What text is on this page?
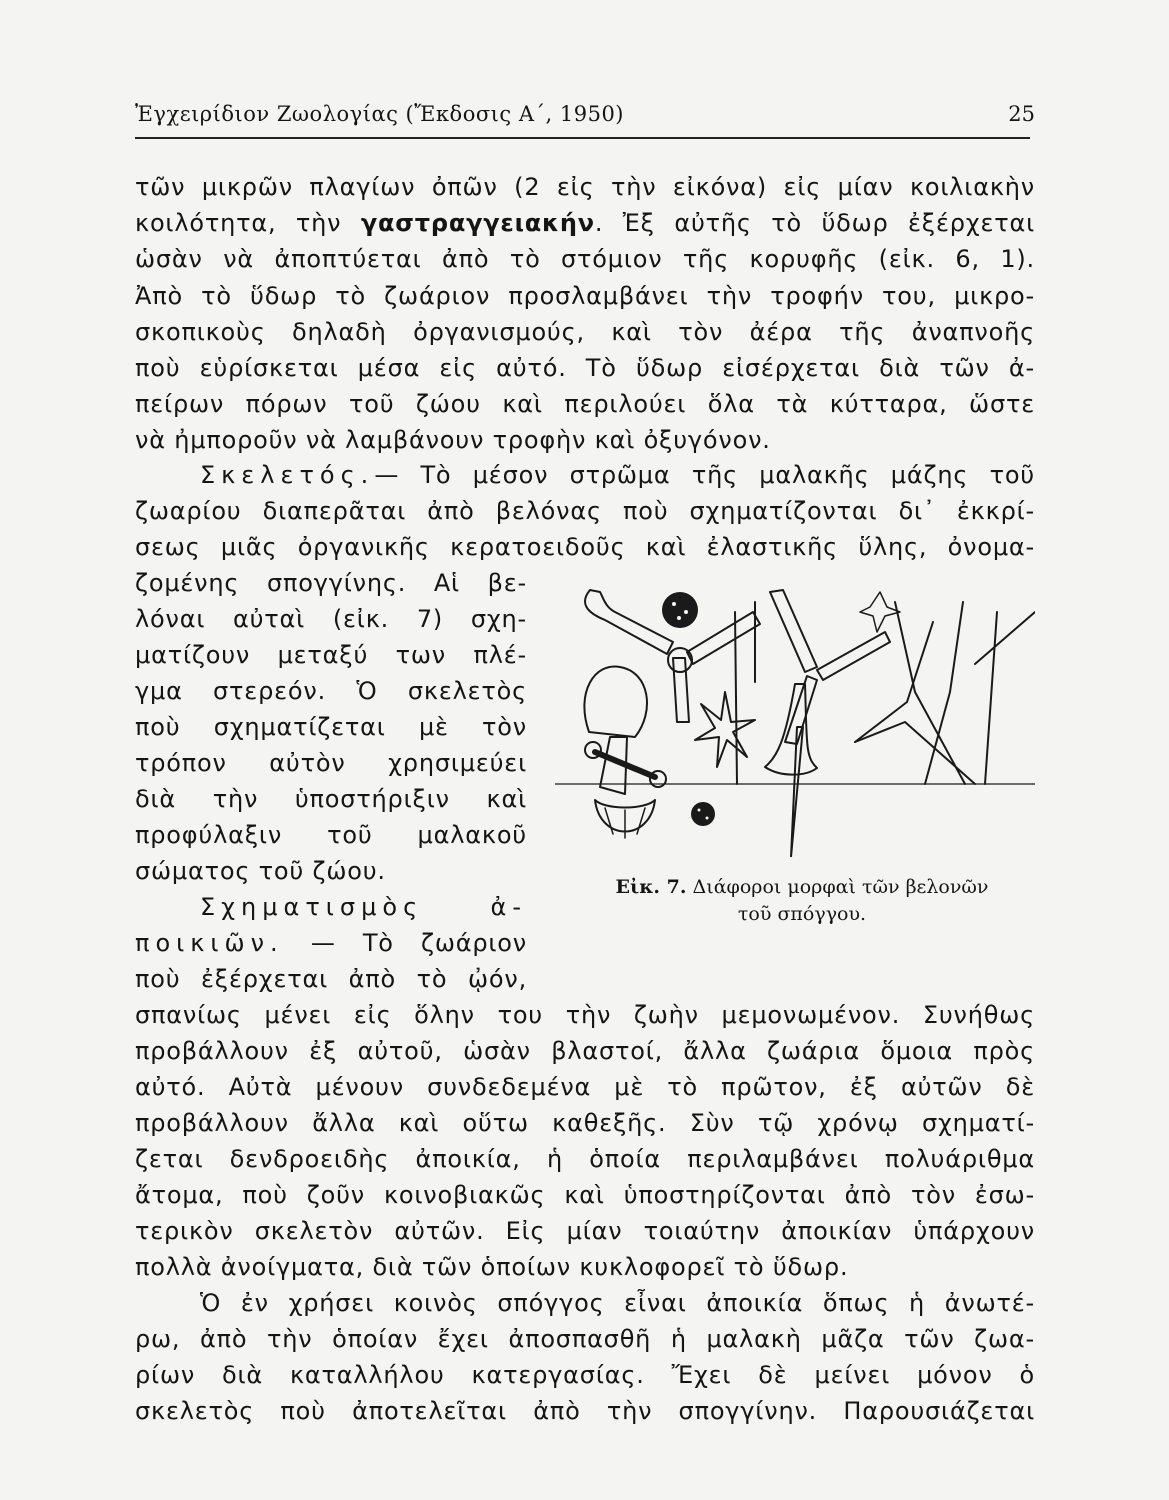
Ἐγχειρίδιον Ζωολογίας (Ἔκδοσις Α΄, 1950)	25
τῶν μικρῶν πλαγίων ὀπῶν (2 εἰς τὴν εἰκόνα) εἰς μίαν κοιλιακὴν
κοιλότητα, τὴν γαστραγγειακήν. Ἐξ αὐτῆς τὸ ὕδωρ ἐξέρχεται
ὡσὰν νὰ ἀποπτύεται ἀπὸ τὸ στόμιον τῆς κορυφῆς (εἰκ. 6, 1).
Ἀπὸ τὸ ὕδωρ τὸ ζωάριον προσλαμβάνει τὴν τροφήν του, μικρο-
σκοπικοὺς δηλαδὴ ὀργανισμούς, καὶ τὸν ἀέρα τῆς ἀναπνοῆς
ποὺ εὑρίσκεται μέσα εἰς αὐτό. Τὸ ὕδωρ εἰσέρχεται διὰ τῶν ἀ-
πείρων πόρων τοῦ ζώου καὶ περιλούει ὅλα τὰ κύτταρα, ὥστε
νὰ ἠμποροῦν νὰ λαμβάνουν τροφὴν καὶ ὀξυγόνον.
Σκελετός.— Τὸ μέσον στρῶμα τῆς μαλακῆς μάζης τοῦ
ζωαρίου διαπερᾶται ἀπὸ βελόνας ποὺ σχηματίζονται δι᾽ ἐκκρί-
σεως μιᾶς ὀργανικῆς κερατοειδοῦς καὶ ἐλαστικῆς ὕλης, ὀνομα-
ζομένης σπογγίνης. Αἱ βε-
λόναι αὐταὶ (εἰκ. 7) σχη-
ματίζουν μεταξύ των πλέ-
γμα στερεόν. Ὁ σκελετὸς
ποὺ σχηματίζεται μὲ τὸν
τρόπον αὐτὸν χρησιμεύει
διὰ τὴν ὑποστήριξιν καὶ
προφύλαξιν τοῦ μαλακοῦ
σώματος τοῦ ζώου.
Σχηματισμὸς ἀ-
ποικιῶν. — Τὸ ζωάριον
ποὺ ἐξέρχεται ἀπὸ τὸ ᾠόν,
σπανίως μένει εἰς ὅλην του τὴν ζωὴν μεμονωμένον. Συνήθως
προβάλλουν ἐξ αὐτοῦ, ὡσὰν βλαστοί, ἄλλα ζωάρια ὅμοια πρὸς
αὐτό. Αὐτὰ μένουν συνδεδεμένα μὲ τὸ πρῶτον, ἐξ αὐτῶν δὲ
προβάλλουν ἄλλα καὶ οὕτω καθεξῆς. Σὺν τῷ χρόνῳ σχηματί-
ζεται δενδροειδὴς ἀποικία, ἡ ὁποία περιλαμβάνει πολυάριθμα
ἄτομα, ποὺ ζοῦν κοινοβιακῶς καὶ ὑποστηρίζονται ἀπὸ τὸν ἐσω-
τερικὸν σκελετὸν αὐτῶν. Εἰς μίαν τοιαύτην ἀποικίαν ὑπάρχουν
πολλὰ ἀνοίγματα, διὰ τῶν ὁποίων κυκλοφορεῖ τὸ ὕδωρ.
Ὁ ἐν χρήσει κοινὸς σπόγγος εἶναι ἀποικία ὅπως ἡ ἀνωτέ-
ρω, ἀπὸ τὴν ὁποίαν ἔχει ἀποσπασθῆ ἡ μαλακὴ μᾶζα τῶν ζωα-
ρίων διὰ καταλλήλου κατεργασίας. Ἔχει δὲ μείνει μόνον ὁ
σκελετὸς ποὺ ἀποτελεῖται ἀπὸ τὴν σπογγίνην. Παρουσιάζεται
Εἰκ. 7. Διάφοροι μορφαὶ τῶν βελονῶν
τοῦ σπόγγου.
